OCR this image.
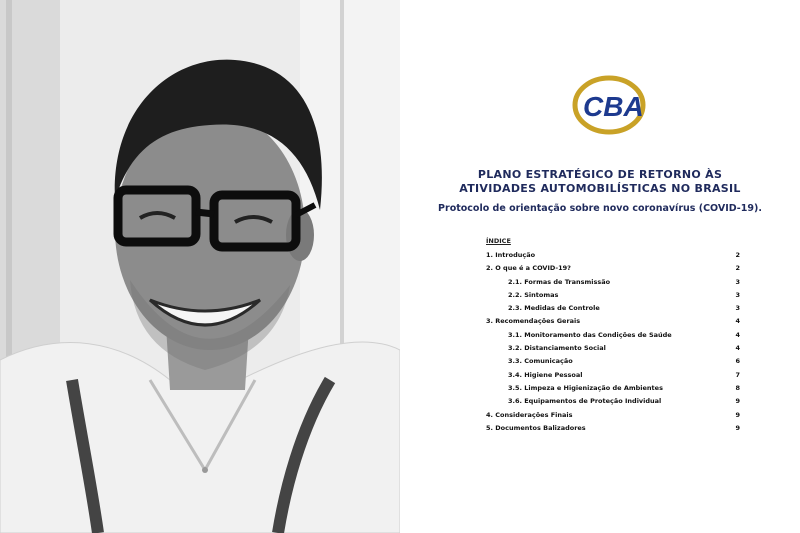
CBA
PLANO ESTRATÉGICO DE RETORNO ÀS
ATIVIDADES AUTOMOBILÍSTICAS NO BRASIL
Protocolo de orientação sobre novo coronavírus (COVID-19).
ÍNDICE
1. Introdução	2
2. O que é a COVID-19?	2
2.1. Formas de Transmissão	3
2.2. Sintomas	3
2.3. Medidas de Controle	3
3. Recomendações Gerais	4
3.1. Monitoramento das Condições de Saúde	4
3.2. Distanciamento Social	4
3.3. Comunicação	6
3.4. Higiene Pessoal	7
3.5. Limpeza e Higienização de Ambientes	8
3.6. Equipamentos de Proteção Individual	9
4. Considerações Finais	9
5. Documentos Balizadores	9
